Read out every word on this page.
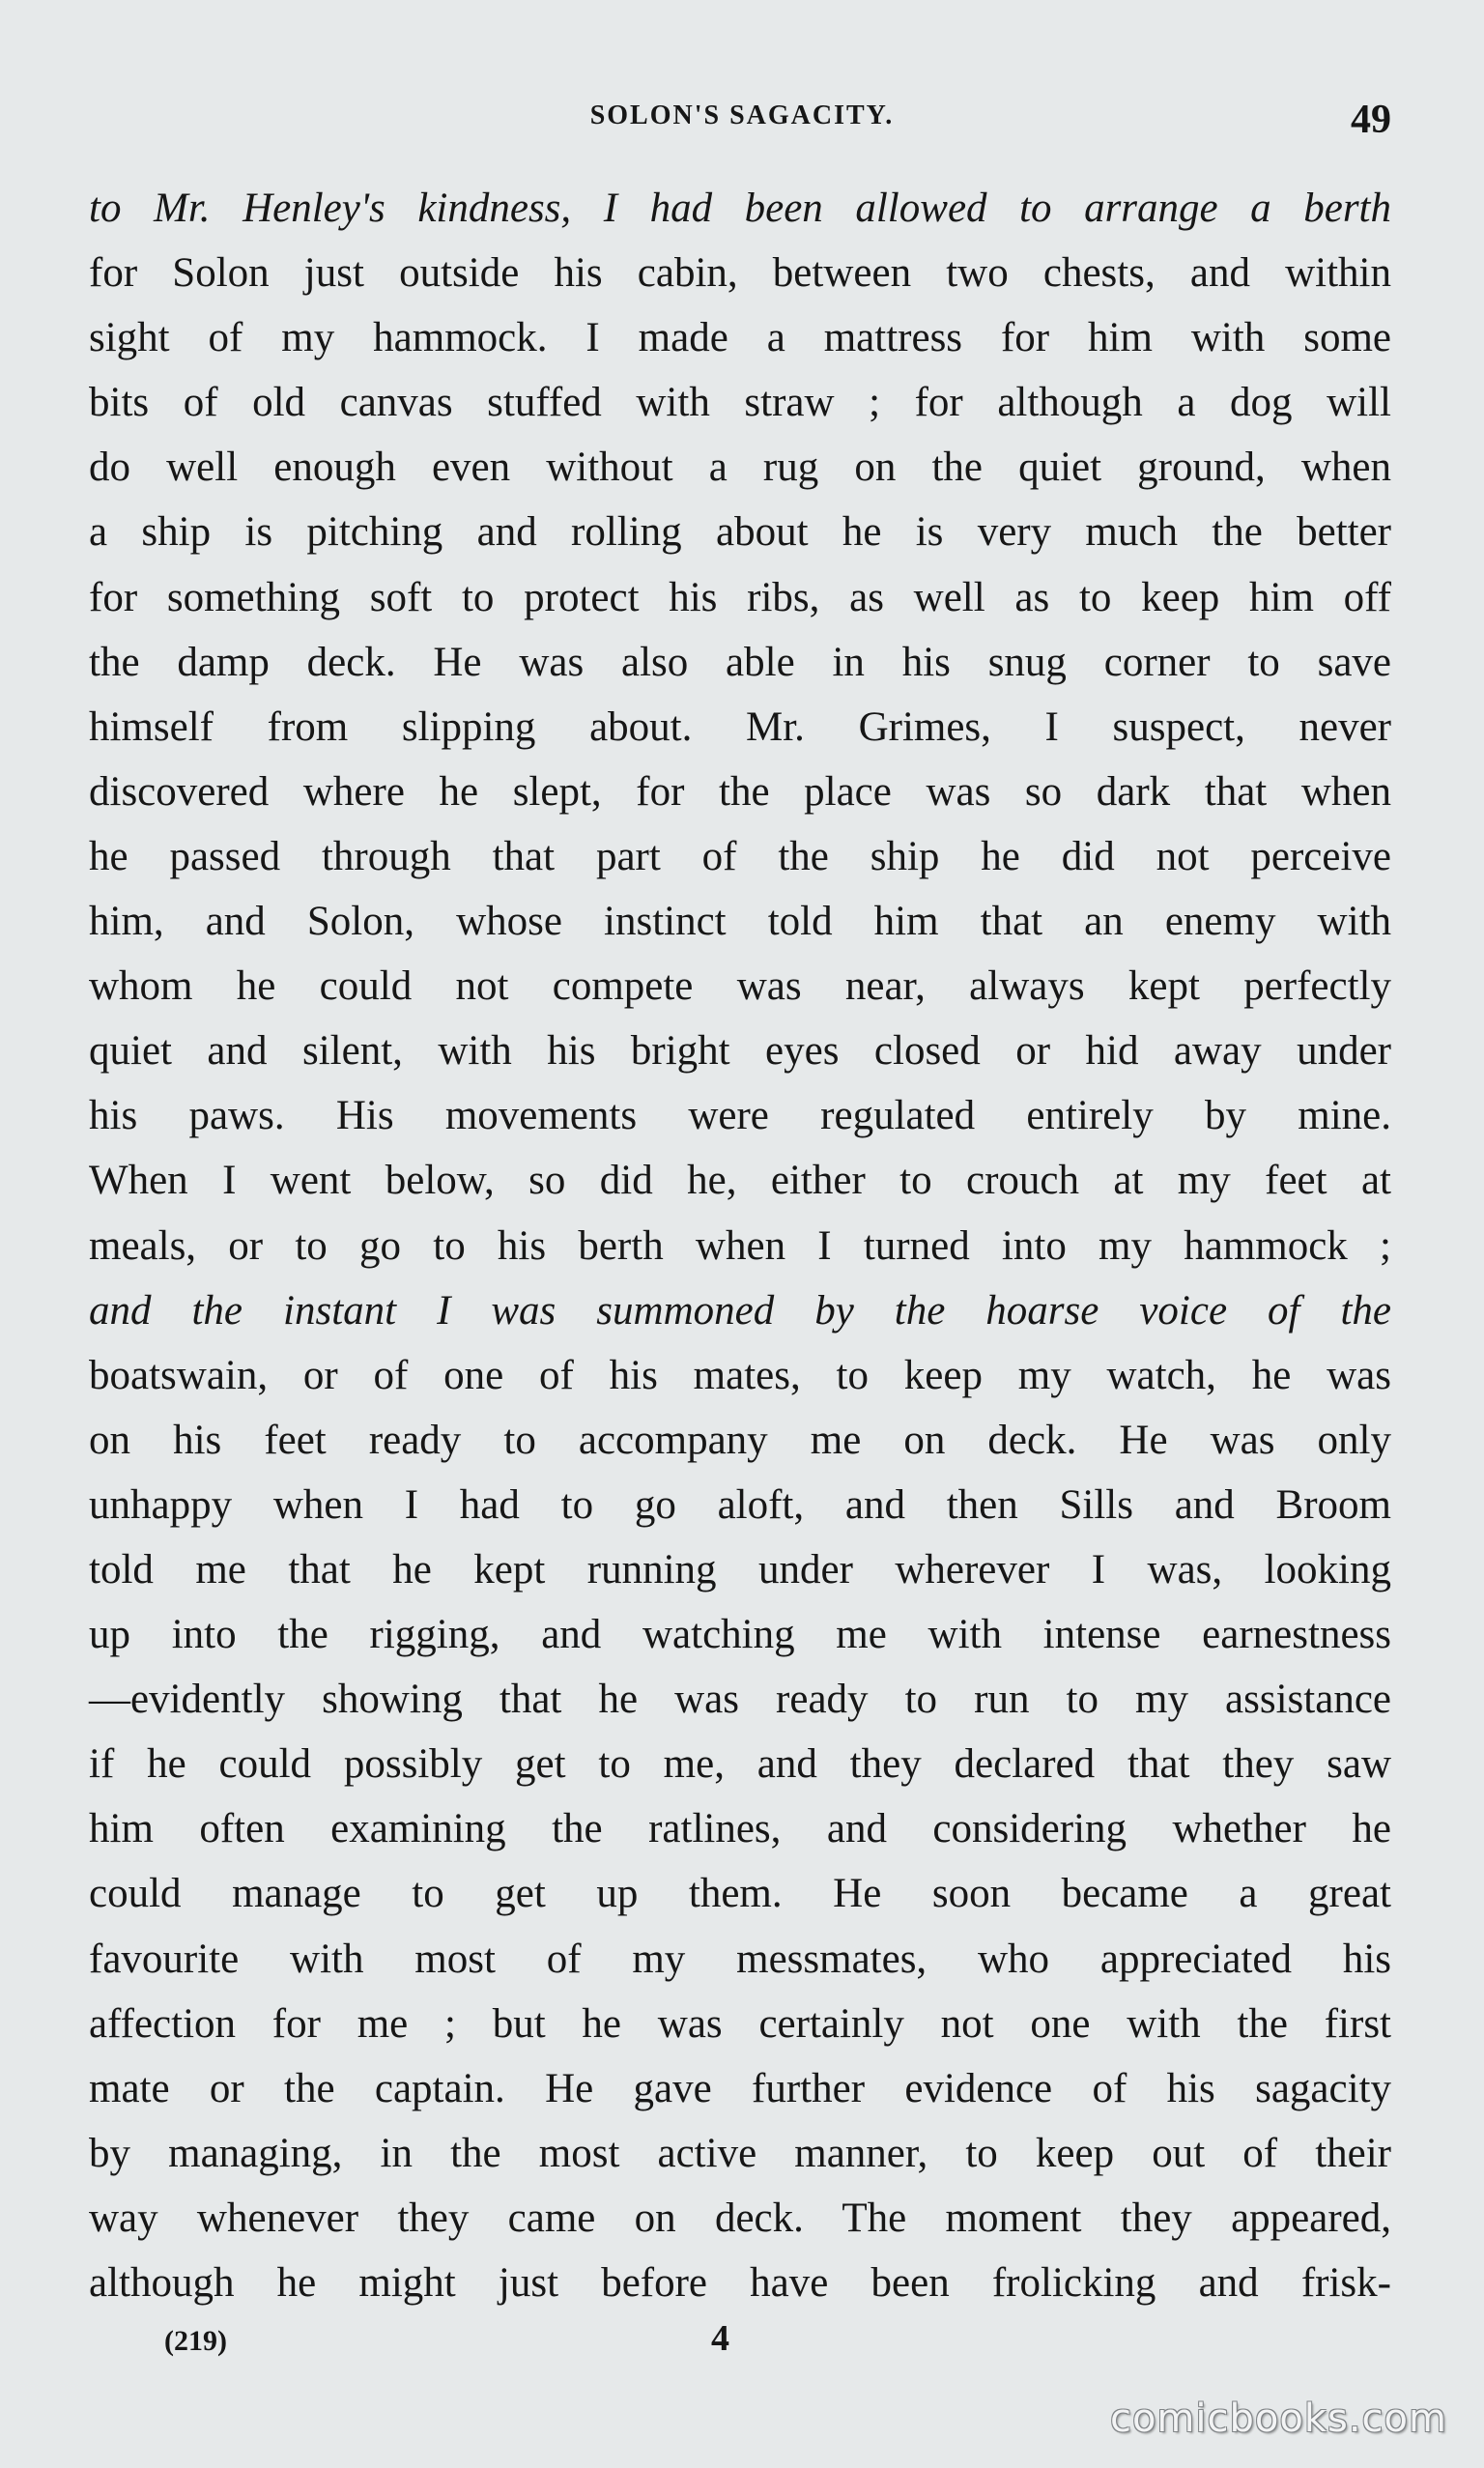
SOLON'S SAGACITY.	49
to Mr. Henley's kindness, I had been allowed to arrange a berth
for Solon just outside his cabin, between two chests, and within
sight of my hammock. I made a mattress for him with some
bits of old canvas stuffed with straw ; for although a dog will
do well enough even without a rug on the quiet ground, when
a ship is pitching and rolling about he is very much the better
for something soft to protect his ribs, as well as to keep him off
the damp deck. He was also able in his snug corner to save
himself from slipping about. Mr. Grimes, I suspect, never
discovered where he slept, for the place was so dark that when
he passed through that part of the ship he did not perceive
him, and Solon, whose instinct told him that an enemy with
whom he could not compete was near, always kept perfectly
quiet and silent, with his bright eyes closed or hid away under
his paws. His movements were regulated entirely by mine.
When I went below, so did he, either to crouch at my feet at
meals, or to go to his berth when I turned into my hammock ;
and the instant I was summoned by the hoarse voice of the
boatswain, or of one of his mates, to keep my watch, he was
on his feet ready to accompany me on deck. He was only
unhappy when I had to go aloft, and then Sills and Broom
told me that he kept running under wherever I was, looking
up into the rigging, and watching me with intense earnestness
—evidently showing that he was ready to run to my assistance
if he could possibly get to me, and they declared that they saw
him often examining the ratlines, and considering whether he
could manage to get up them. He soon became a great
favourite with most of my messmates, who appreciated his
affection for me ; but he was certainly not one with the first
mate or the captain. He gave further evidence of his sagacity
by managing, in the most active manner, to keep out of their
way whenever they came on deck. The moment they appeared,
although he might just before have been frolicking and frisk-
(219)	4
comicbooks.com
